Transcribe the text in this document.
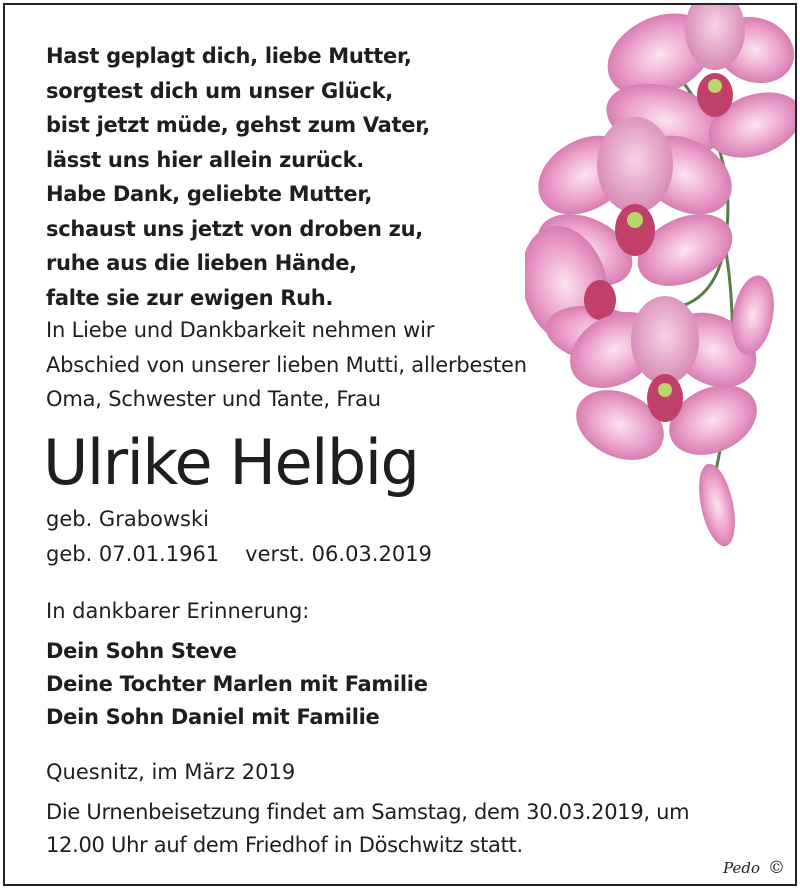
Hast geplagt dich, liebe Mutter,
sorgtest dich um unser Glück,
bist jetzt müde, gehst zum Vater,
lässt uns hier allein zurück.
Habe Dank, geliebte Mutter,
schaust uns jetzt von droben zu,
ruhe aus die lieben Hände,
falte sie zur ewigen Ruh.
In Liebe und Dankbarkeit nehmen wir
Abschied von unserer lieben Mutti, allerbesten
Oma, Schwester und Tante, Frau
Ulrike Helbig
geb. Grabowski
geb. 07.01.1961 verst. 06.03.2019
In dankbarer Erinnerung:
Dein Sohn Steve
Deine Tochter Marlen mit Familie
Dein Sohn Daniel mit Familie
Quesnitz, im März 2019
Die Urnenbeisetzung findet am Samstag, dem 30.03.2019, um
12.00 Uhr auf dem Friedhof in Döschwitz statt.
Pedo ©
